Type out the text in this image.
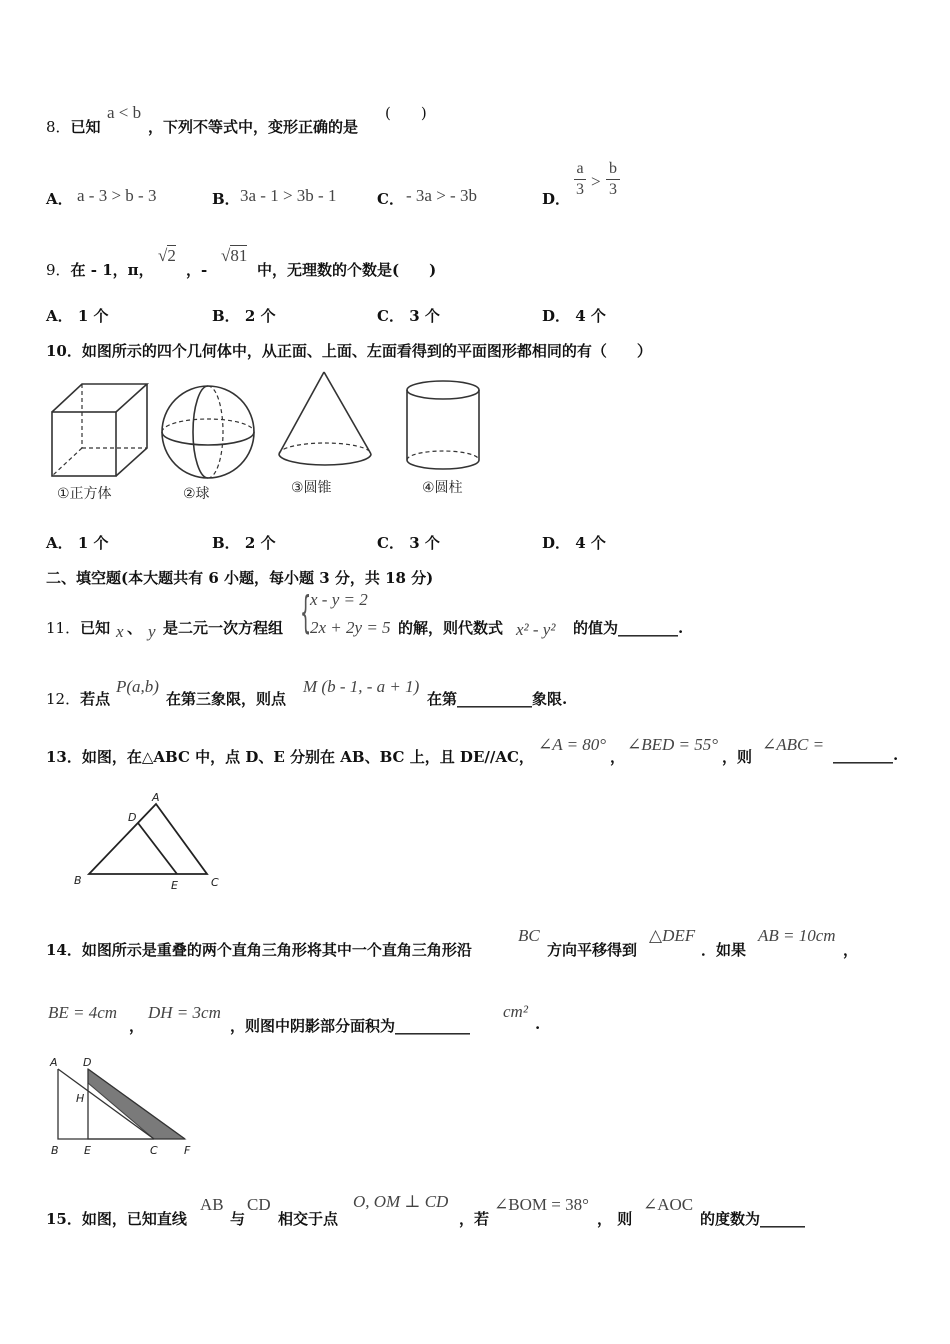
8．已知
a < b
，下列不等式中，变形正确的是
(　　)
A． a - 3 > b - 3	B． 3a - 1 > 3b - 1	C． - 3a > - 3b	D．
a
3 >
b
3
9．在 - 1，π，
√2
，-
√81
中，无理数的个数是(　　)
A． 1 个	B． 2 个	C． 3 个	D． 4 个
10．如图所示的四个几何体中，从正面、上面、左面看得到的平面图形都相同的有（　　）
①正方体	②球	③圆锥	④圆柱
A． 1 个	B． 2 个	C． 3 个	D． 4 个
二、填空题(本大题共有 6 小题，每小题 3 分，共 18 分)
11．已知 x 、 y 是二元一次方程组 {
x - y = 2
2x + 2y = 5 的解，则代数式 x² - y² 的值为________.
12．若点
P(a,b)
在第三象限，则点
M (b - 1, - a + 1)
在第__________象限.
13．如图，在△ABC 中，点 D、E 分别在 AB、BC 上，且 DE//AC，
∠A = 80°
，
∠BED = 55°
，则
∠ABC =
________.
A
D
B	E	C
14．如图所示是重叠的两个直角三角形将其中一个直角三角形沿
BC
方向平移得到
△DEF
．如果
AB = 10cm
，
BE = 4cm
，
DH = 3cm
，则图中阴影部分面积为__________
cm²
.
A D
H
B E	C F
15．如图，已知直线
AB
与
CD
相交于点
O, OM ⊥ CD
，若
∠BOM = 38°
， 则
∠AOC
的度数为______
